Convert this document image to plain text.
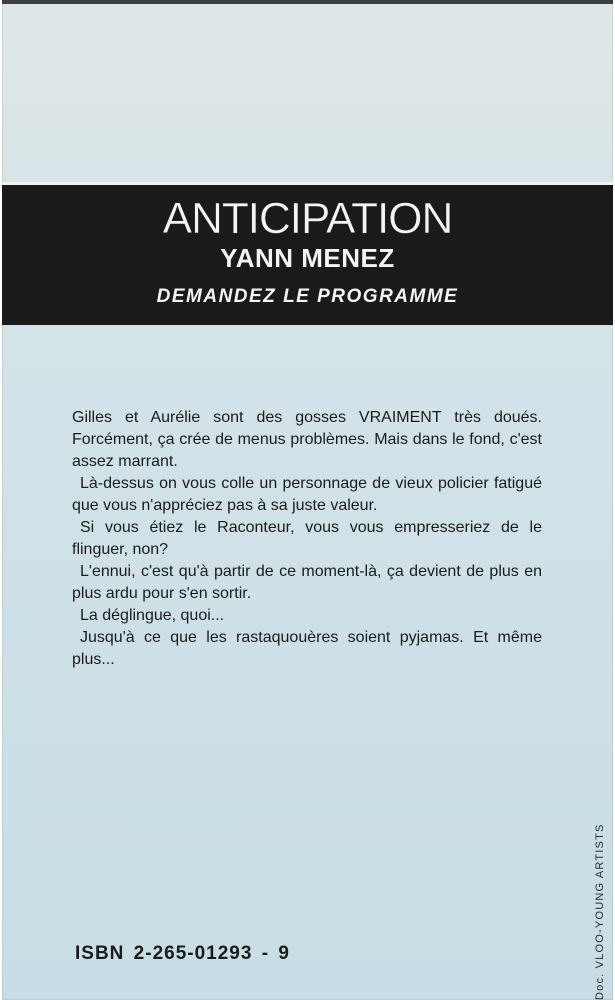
ANTICIPATION
YANN MENEZ
DEMANDEZ LE PROGRAMME

Gilles et Aurélie sont des gosses VRAIMENT très doués. Forcément, ça crée de menus problèmes. Mais dans le fond, c'est assez marrant.

Là-dessus on vous colle un personnage de vieux policier fatigué que vous n'appréciez pas à sa juste valeur.

Si vous étiez le Raconteur, vous vous empresseriez de le flinguer, non?

L'ennui, c'est qu'à partir de ce moment-là, ça devient de plus en plus ardu pour s'en sortir.

La déglingue, quoi...

Jusqu'à ce que les rastaquouères soient pyjamas. Et même plus...

ISBN 2-265-01293 - 9	Doc. VLOO-YOUNG ARTISTS
